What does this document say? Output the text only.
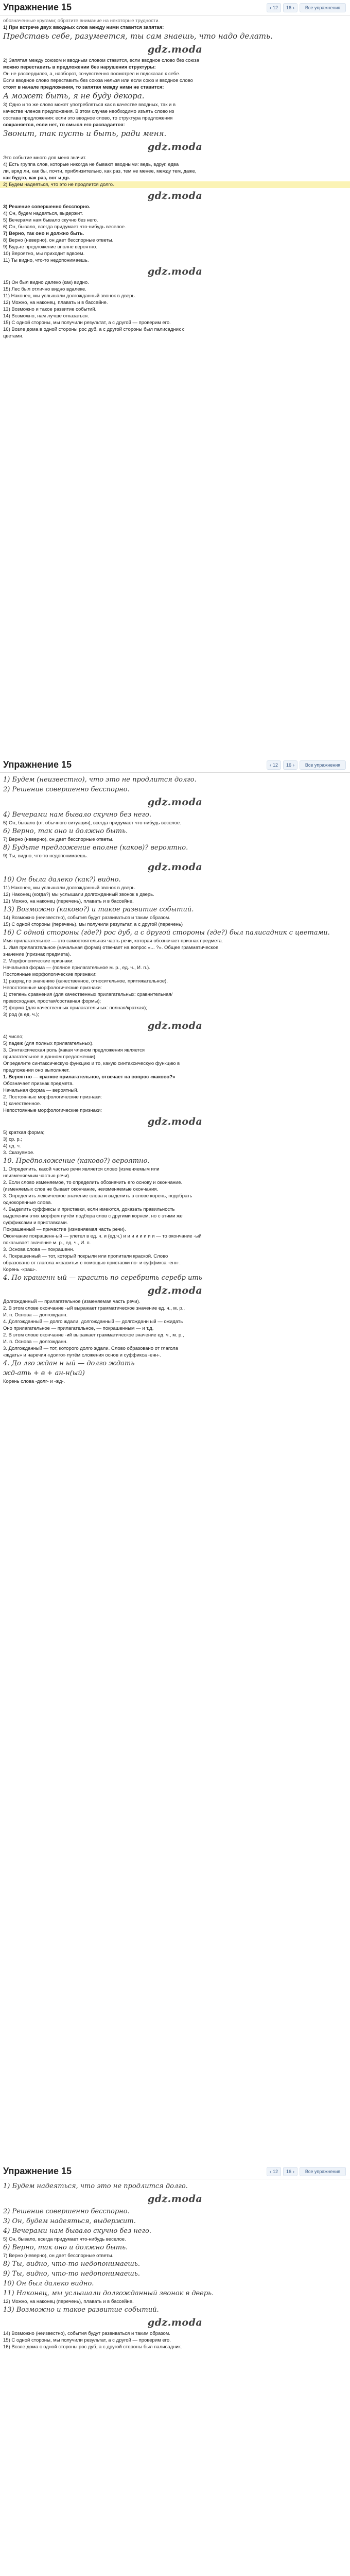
Упражнение 15	‹ 12 16 › Все упражнения
обозначенные кругами; обратите внимание на некоторые трудности.
1) При встрече двух вводных слов между ними ставится запятая:
Представь себе, разумеется, ты сам знаешь, что надо делать.
gdz.moda
2) Запятая между союзом и вводным словом ставится, если вводное слово без союза
можно переставить в предложении без нарушения структуры:
Он не рассердился, а, наоборот, сочувственно посмотрел и подсказал к себе.
Если вводное слово переставить без союза нельзя или если союз и вводное слово
стоят в начале предложения, то запятая между ними не ставится:
А может быть, я не буду декора.
3) Одно и то же слово может употребляться как в качестве вводных, так и в
качестве членов предложения. В этом случае необходимо изъять слово из
состава предложения: если это вводное слово, то структура предложения
сохраняется, если нет, то смысл его распадается:
Звонит, так пусть и быть, ради меня.
gdz.moda
Это событие много для меня значит.
4) Есть группа слов, которые никогда не бывают вводными: ведь, вдруг, едва
ли, вряд ли, как бы, почти, приблизительно, как раз, тем не менее, между тем, даже,
как будто, как раз, вот и др.
2) Будем надеяться, что это не продлится долго.
gdz.moda
3) Решение совершенно бесспорно.
4) Он, будем надеяться, выдержит.
5) Вечерами нам бывало скучно без него.
6) Он, бывало, всегда придумает что-нибудь веселое.
7) Верно, так оно и должно быть.
8) Верно (неверно), он дает бесспорные ответы.
9) Будьте предложение вполне вероятно.
10) Вероятно, мы приходит вдвоём.
11) Ты видно, что-то недопонимаешь.
gdz.moda
15) Он был видно далеко (как) видно.
15) Лес был отлично видно вдалеке.
11) Наконец, мы услышали долгожданный звонок в дверь.
12) Можно, на наконец, плавать и в бассейне.
13) Возможно и такое развитие событий.
14) Возможно, нам лучше отказаться.
15) С одной стороны, мы получили результат, а с другой — проверим его.
16) Возле дома в одной стороны рос дуб, а с другой стороны был палисадник с
цветами.
Упражнение 15	‹ 12 16 › Все упражнения
1) Будем (неизвестно), что это не продлится долго.
2) Решение совершенно бесспорно.
gdz.moda
4) Вечерами нам бывало скучно без него.
5) Он, бывало (от. обычного ситуация), всегда придумает что-нибудь веселое.
6) Верно, так оно и должно быть.
7) Верно (неверно), он дает бесспорные ответы.
8) Будьте предложение вполне (каков)? вероятно.
9) Ты, видно, что-то недопонимаешь.
gdz.moda
10) Он была далеко (как?) видно.
11) Наконец, мы услышали долгожданный звонок в дверь.
12) Наконец (когда?) мы услышали долгожданный звонок в дверь.
12) Можно, на наконец (перечень), плавать и в бассейне.
13) Возможно (каково?) и такое развитие событий.
14) Возможно (неизвестно), события будут развиваться и таким образом.
15) С одной стороны (перечень), мы получили результат, а с другой (перечень)
16) С одной стороны (где?) рос дуб, а с другой стороны (где?) был палисадник с цветами.
Имя прилагательное — это самостоятельная часть речи, которая обозначает признак предмета.
1. Имя прилагательное (начальная форма) отвечает на вопрос «... ?». Общее грамматическое
значение (признак предмета).
2. Морфологические признаки:
Начальная форма — (полное прилагательное м. р., ед. ч., И. п.).
Постоянные морфологические признаки:
1) разряд по значению (качественное, относительное, притяжательное).
Непостоянные морфологические признаки:
1) степень сравнения (для качественных прилагательных: сравнительная/
превосходная, простая/составная формы);
2) форма (для качественных прилагательных: полная/краткая);
3) род (в ед. ч.);
gdz.moda
4) число;
5) падеж (для полных прилагательных).
3. Синтаксическая роль (какая членом предложения является
прилагательное в данном предложении).
Определите синтаксическую функцию и то, какую синтаксическую функцию в
предложении оно выполняет.
1. Вероятно — краткое прилагательное, отвечает на вопрос «каково?»
Обозначает признак предмета.
Начальная форма — вероятный.
2. Постоянные морфологические признаки:
1) качественное.
Непостоянные морфологические признаки:
gdz.moda
5) краткая форма;
3) ср. р.;
4) ед. ч.
3. Сказуемое.
10. Предположение (каково?) вероятно.
1. Определить, какой частью речи является слово (изменяемым или
неизменяемым частью речи).
2. Если слово изменяемое, то определить обозначить его основу и окончание.
(изменяемых слов не бывает окончание, неизменяемые окончания.
3. Определить лексическое значение слова и выделить в слове корень, подобрать
однокоренные слова.
4. Выделить суффиксы и приставки, если имеются, доказать правильность
выделения этих морфем путём подбора слов с другими корнем, но с этими же
суффиксами и приставками.
Покрашенный — причастие (изменяемая часть речи).
Окончание покрашенн-ый — улетел в ед. ч. и (ед.ч.) и и и и и и и и — то окончание -ый
показывает значение м. р., ед. ч., И. п.
3. Основа слова — покрашенн.
4. Покрашенный — тот, который покрыли или пропитали краской. Слово
образовано от глагола «красить» с помощью приставки по- и суффикса -енн-.
Корень -краш-.
4. По крашенн ый — красить по серебрить серебр ить
gdz.moda
Долгожданный — прилагательное (изменяемая часть речи).
2. В этом слове окончание -ый выражает грамматическое значение ед. ч., м. р.,
И. п. Основа — долгожданн.
4. Долгожданный — долго ждали, долгожданный — долгожданн ый — ожидать
Оно прилагательное — прилагательное, — покрашенным — и т.д.
2. В этом слове окончание -ий выражает грамматическое значение ед. ч., м. р.,
И. п. Основа — долгожданн.
3. Долгожданный — тот, которого долго ждали. Слово образовано от глагола
«ждать» и наречия «долго» путём сложения основ и суффикса -енн-.
4. До лго ждан н ый — долго ждать
жд-ать + в + ан-н(ый)
Корень слова -долг- и -жд-.
Упражнение 15	‹ 12 16 › Все упражнения
1) Будем надеяться, что это не продлится долго.
gdz.moda
2) Решение совершенно бесспорно.
3) Он, будем надеяться, выдержит.
4) Вечерами нам бывало скучно без него.
5) Он, бывало, всегда придумает что-нибудь веселое.
6) Верно, так оно и должно быть.
7) Верно (неверно), он дает бесспорные ответы.
8) Ты, видно, что-то недопонимаешь.
9) Ты, видно, что-то недопонимаешь.
10) Он был далеко видно.
11) Наконец, мы услышали долгожданный звонок в дверь.
12) Можно, на наконец (перечень), плавать и в бассейне.
13) Возможно и такое развитие событий.
gdz.moda
14) Возможно (неизвестно), события будут развиваться и таким образом.
15) С одной стороны, мы получили результат, а с другой — проверим его.
16) Возле дома с одной стороны рос дуб, а с другой стороны был палисадник.
